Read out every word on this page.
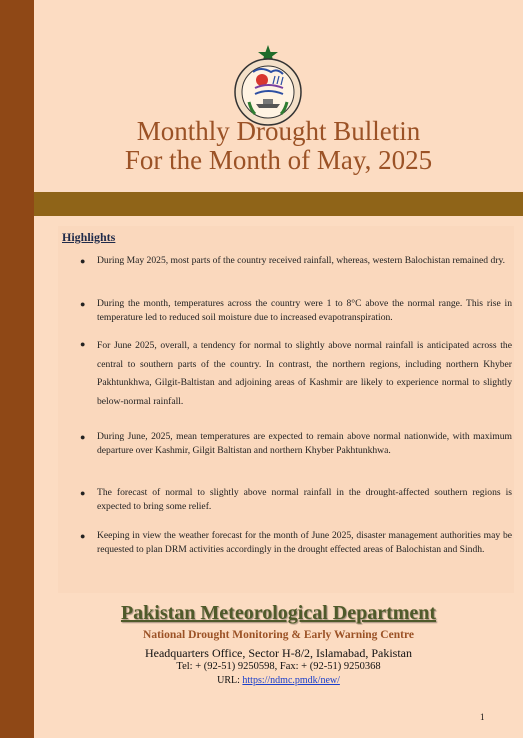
Monthly Drought Bulletin
For the Month of May, 2025
Highlights
● During May 2025, most parts of the country received rainfall, whereas, western Balochistan remained dry.
● During the month, temperatures across the country were 1 to 8°C above the normal range. This rise in temperature led to reduced soil moisture due to increased evapotranspiration.
● For June 2025, overall, a tendency for normal to slightly above normal rainfall is anticipated across the central to southern parts of the country. In contrast, the northern regions, including northern Khyber Pakhtunkhwa, Gilgit-Baltistan and adjoining areas of Kashmir are likely to experience normal to slightly below-normal rainfall.
● During June, 2025, mean temperatures are expected to remain above normal nationwide, with maximum departure over Kashmir, Gilgit Baltistan and northern Khyber Pakhtunkhwa.
● The forecast of normal to slightly above normal rainfall in the drought-affected southern regions is expected to bring some relief.
● Keeping in view the weather forecast for the month of June 2025, disaster management authorities may be requested to plan DRM activities accordingly in the drought effected areas of Balochistan and Sindh.
Pakistan Meteorological Department
National Drought Monitoring & Early Warning Centre
Headquarters Office, Sector H-8/2, Islamabad, Pakistan
Tel: + (92-51) 9250598, Fax: + (92-51) 9250368
URL: https://ndmc.pmdk/new/
1
